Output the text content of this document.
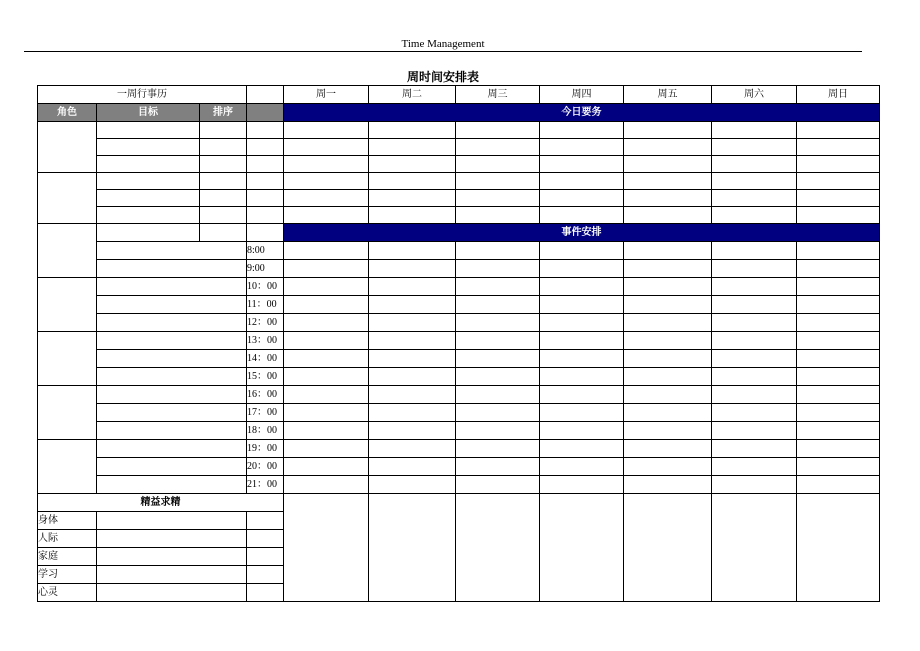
Time Management
周时间安排表
一周行事历				周一	周二	周三	周四	周五	周六	周日
角色	目标	排序		今日要务						

				事件安排						
			8:00							
			9:00							
			10：00							
			11：00							
			12：00							
			13：00							
			14：00							
			15：00							
			16：00							
			17：00							
			18：00							
			19：00							
			20：00							
			21：00							
精益求精										
身体										
人际										
家庭										
学习										
心灵										
